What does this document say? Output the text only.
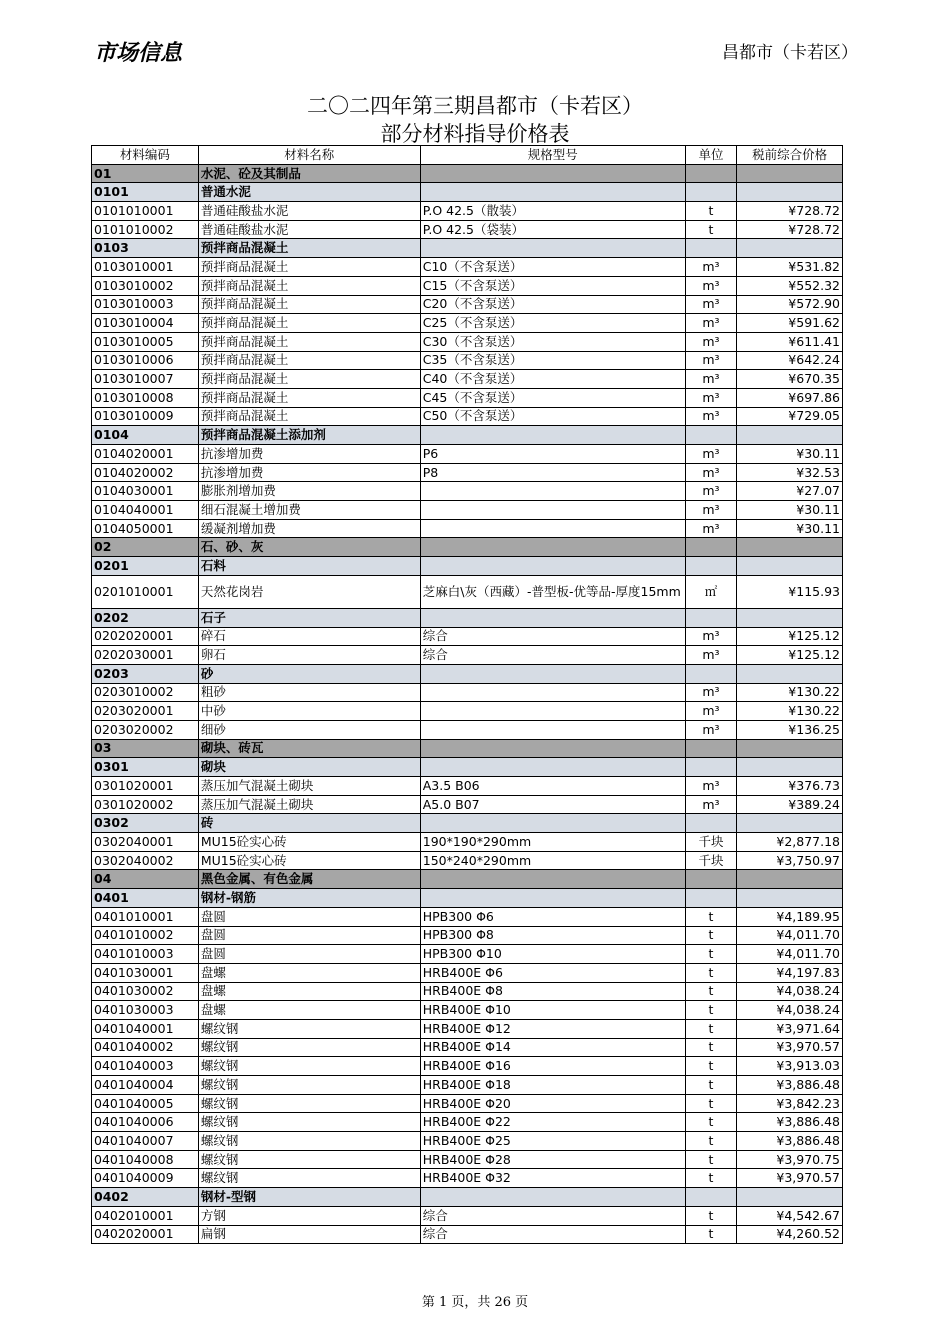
市场信息	昌都市（卡若区）
二〇二四年第三期昌都市（卡若区）
部分材料指导价格表
材料编码	材料名称	规格型号	单位	税前综合价格
01	水泥、砼及其制品			
0101	普通水泥			
0101010001	普通硅酸盐水泥	P.O 42.5（散装）	t	¥728.72
0101010002	普通硅酸盐水泥	P.O 42.5（袋装）	t	¥728.72
0103	预拌商品混凝土			
0103010001	预拌商品混凝土	C10（不含泵送）	m³	¥531.82
0103010002	预拌商品混凝土	C15（不含泵送）	m³	¥552.32
0103010003	预拌商品混凝土	C20（不含泵送）	m³	¥572.90
0103010004	预拌商品混凝土	C25（不含泵送）	m³	¥591.62
0103010005	预拌商品混凝土	C30（不含泵送）	m³	¥611.41
0103010006	预拌商品混凝土	C35（不含泵送）	m³	¥642.24
0103010007	预拌商品混凝土	C40（不含泵送）	m³	¥670.35
0103010008	预拌商品混凝土	C45（不含泵送）	m³	¥697.86
0103010009	预拌商品混凝土	C50（不含泵送）	m³	¥729.05
0104	预拌商品混凝土添加剂			
0104020001	抗渗增加费	P6	m³	¥30.11
0104020002	抗渗增加费	P8	m³	¥32.53
0104030001	膨胀剂增加费		m³	¥27.07
0104040001	细石混凝土增加费		m³	¥30.11
0104050001	缓凝剂增加费		m³	¥30.11
02	石、砂、灰			
0201	石料			
0201010001	天然花岗岩	芝麻白\灰（西藏）-普型板-优等品-厚度15mm	㎡	¥115.93
0202	石子			
0202020001	碎石	综合	m³	¥125.12
0202030001	卵石	综合	m³	¥125.12
0203	砂			
0203010002	粗砂		m³	¥130.22
0203020001	中砂		m³	¥130.22
0203020002	细砂		m³	¥136.25
03	砌块、砖瓦			
0301	砌块			
0301020001	蒸压加气混凝土砌块	A3.5 B06	m³	¥376.73
0301020002	蒸压加气混凝土砌块	A5.0 B07	m³	¥389.24
0302	砖			
0302040001	MU15砼实心砖	190*190*290mm	千块	¥2,877.18
0302040002	MU15砼实心砖	150*240*290mm	千块	¥3,750.97
04	黑色金属、有色金属			
0401	钢材-钢筋			
0401010001	盘圆	HPB300 Φ6	t	¥4,189.95
0401010002	盘圆	HPB300 Φ8	t	¥4,011.70
0401010003	盘圆	HPB300 Φ10	t	¥4,011.70
0401030001	盘螺	HRB400E Φ6	t	¥4,197.83
0401030002	盘螺	HRB400E Φ8	t	¥4,038.24
0401030003	盘螺	HRB400E Φ10	t	¥4,038.24
0401040001	螺纹钢	HRB400E Φ12	t	¥3,971.64
0401040002	螺纹钢	HRB400E Φ14	t	¥3,970.57
0401040003	螺纹钢	HRB400E Φ16	t	¥3,913.03
0401040004	螺纹钢	HRB400E Φ18	t	¥3,886.48
0401040005	螺纹钢	HRB400E Φ20	t	¥3,842.23
0401040006	螺纹钢	HRB400E Φ22	t	¥3,886.48
0401040007	螺纹钢	HRB400E Φ25	t	¥3,886.48
0401040008	螺纹钢	HRB400E Φ28	t	¥3,970.75
0401040009	螺纹钢	HRB400E Φ32	t	¥3,970.57
0402	钢材-型钢			
0402010001	方钢	综合	t	¥4,542.67
0402020001	扁钢	综合	t	¥4,260.52
第 1 页，共 26 页
